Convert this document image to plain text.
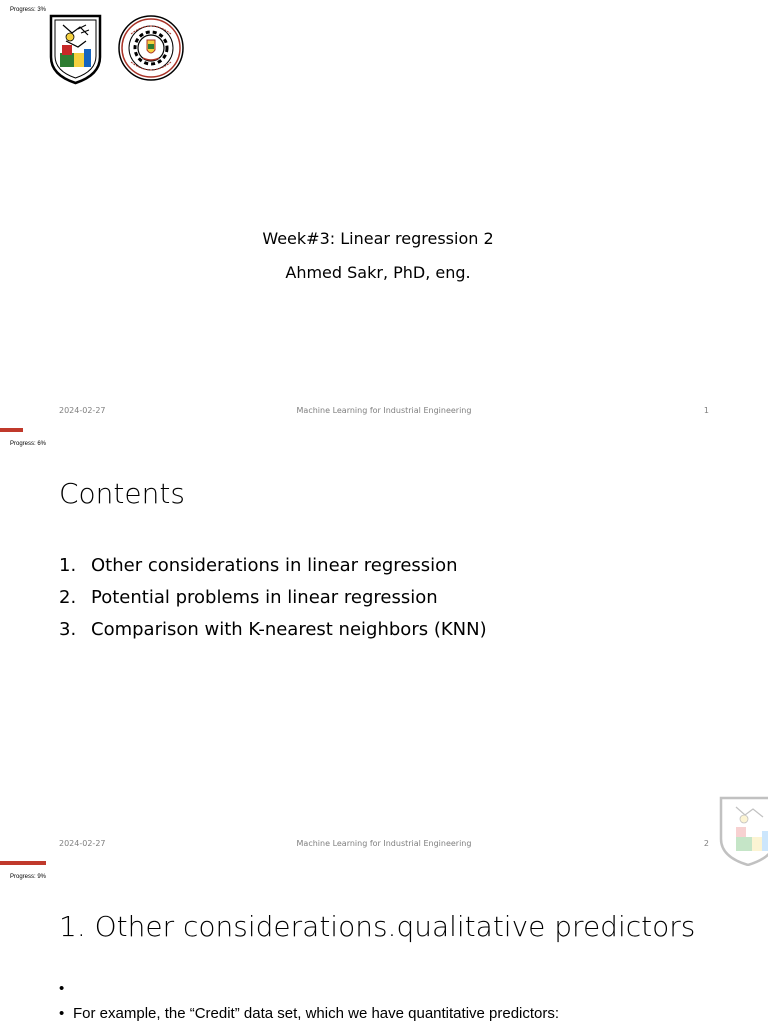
Progress: 3%
Week#3: Linear regression 2
Ahmed Sakr, PhD, eng.
2024-02-27	Machine Learning for Industrial Engineering	1
Progress: 6%
Contents
2024-02-27	Machine Learning for Industrial Engineering	2
1. Other considerations in linear regression
2. Potential problems in linear regression
3. Comparison with K-nearest neighbors (KNN)
Progress: 9%
1. Other considerations.qualitative predictors
•
• For example, the “Credit” data set, which we have quantitative predictors:
